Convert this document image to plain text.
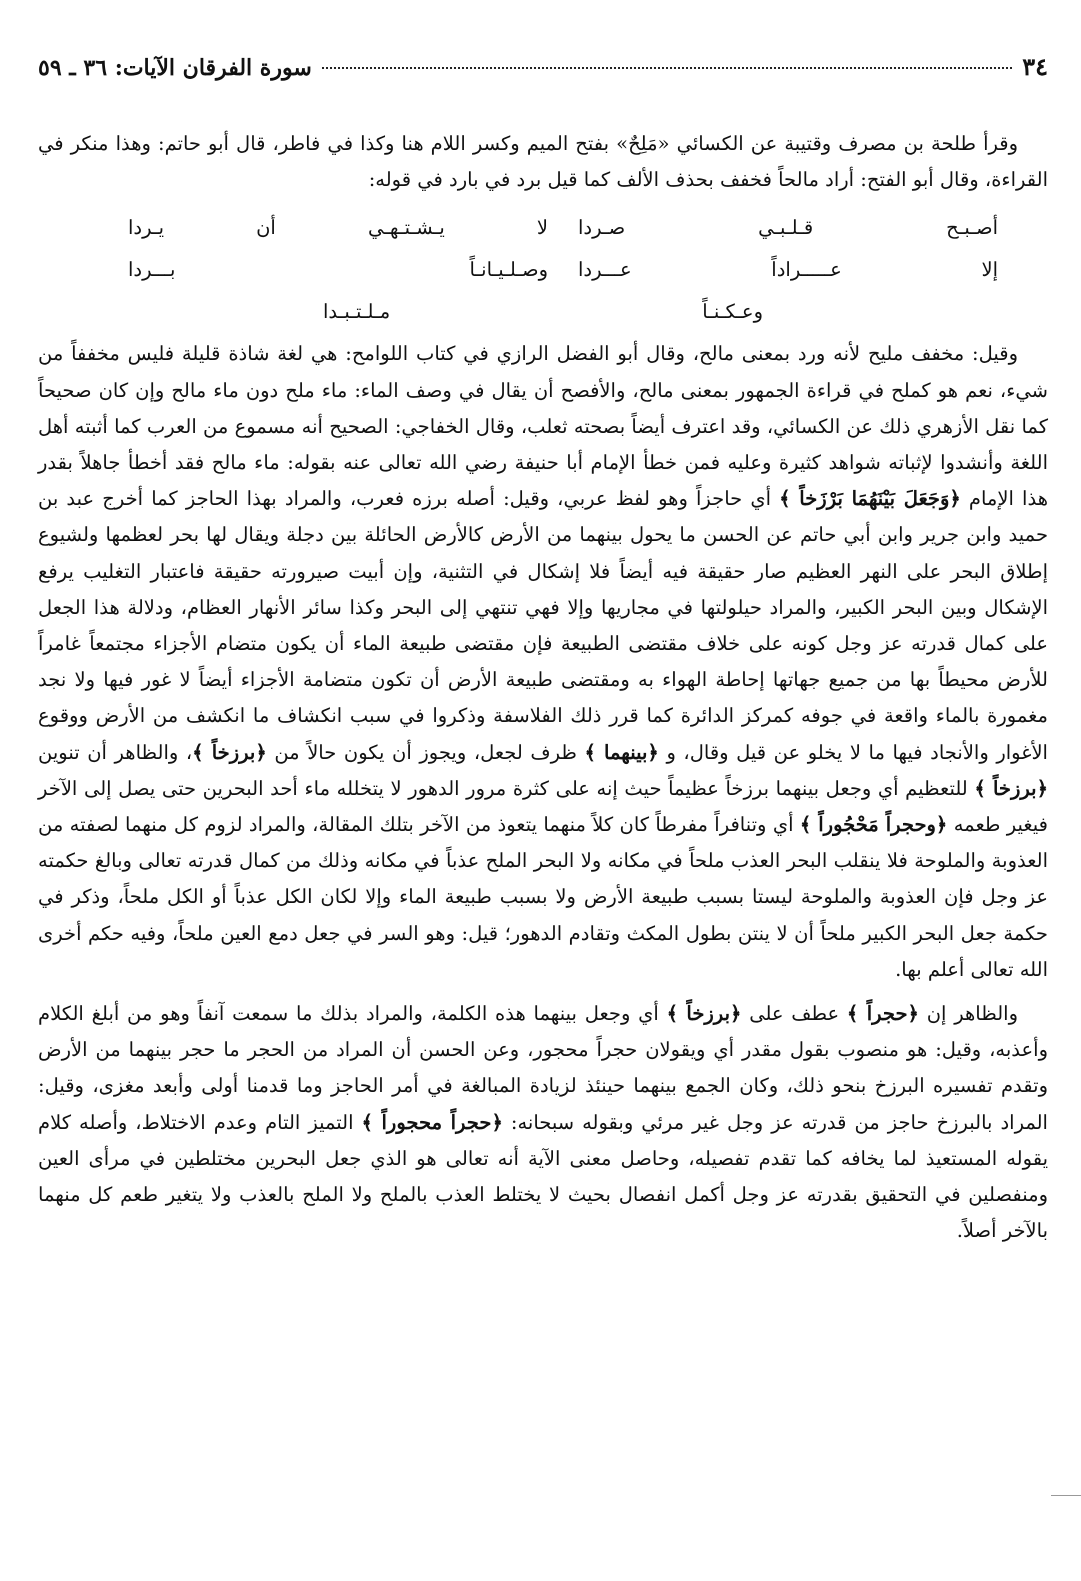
٣٤
سورة الفرقان الآيات: ٣٦ ـ ٥٩

وقرأ طلحة بن مصرف وقتيبة عن الكسائي «مَلِحٌ» بفتح الميم وكسر اللام هنا وكذا في فاطر، قال أبو حاتم: وهذا منكر في القراءة، وقال أبو الفتح: أراد مالحاً فخفف بحذف الألف كما قيل برد في بارد في قوله:

أصـبـح قـلـبـي صـردا
لا يـشـتـهـي أن يـردا
إلا عـــــراداً عـــردا
وصـلـيـانـاً بـــردا
وعـكـنـاً مـلـتـبـدا

وقيل: مخفف مليح لأنه ورد بمعنى مالح، وقال أبو الفضل الرازي في كتاب اللوامح: هي لغة شاذة قليلة فليس مخففاً من شيء، نعم هو كملح في قراءة الجمهور بمعنى مالح، والأفصح أن يقال في وصف الماء: ماء ملح دون ماء مالح وإن كان صحيحاً كما نقل الأزهري ذلك عن الكسائي، وقد اعترف أيضاً بصحته ثعلب، وقال الخفاجي: الصحيح أنه مسموع من العرب كما أثبته أهل اللغة وأنشدوا لإثباته شواهد كثيرة وعليه فمن خطأ الإمام أبا حنيفة رضي الله تعالى عنه بقوله: ماء مالح فقد أخطأ جاهلاً بقدر هذا الإمام ﴿وَجَعَلَ بَيْنَهُمَا بَرْزَخاً ﴾ أي حاجزاً وهو لفظ عربي، وقيل: أصله برزه فعرب، والمراد بهذا الحاجز كما أخرج عبد بن حميد وابن جرير وابن أبي حاتم عن الحسن ما يحول بينهما من الأرض كالأرض الحائلة بين دجلة ويقال لها بحر لعظمها ولشيوع إطلاق البحر على النهر العظيم صار حقيقة فيه أيضاً فلا إشكال في التثنية، وإن أبيت صيرورته حقيقة فاعتبار التغليب يرفع الإشكال وبين البحر الكبير، والمراد حيلولتها في مجاريها وإلا فهي تنتهي إلى البحر وكذا سائر الأنهار العظام، ودلالة هذا الجعل على كمال قدرته عز وجل كونه على خلاف مقتضى الطبيعة فإن مقتضى طبيعة الماء أن يكون متضام الأجزاء مجتمعاً غامراً للأرض محيطاً بها من جميع جهاتها إحاطة الهواء به ومقتضى طبيعة الأرض أن تكون متضامة الأجزاء أيضاً لا غور فيها ولا نجد مغمورة بالماء واقعة في جوفه كمركز الدائرة كما قرر ذلك الفلاسفة وذكروا في سبب انكشاف ما انكشف من الأرض ووقوع الأغوار والأنجاد فيها ما لا يخلو عن قيل وقال، و ﴿بينهما ﴾ ظرف لجعل، ويجوز أن يكون حالاً من ﴿برزخاً ﴾، والظاهر أن تنوين ﴿برزخاً ﴾ للتعظيم أي وجعل بينهما برزخاً عظيماً حيث إنه على كثرة مرور الدهور لا يتخلله ماء أحد البحرين حتى يصل إلى الآخر فيغير طعمه ﴿وحجراً مَحْجُوراً ﴾ أي وتنافراً مفرطاً كان كلاً منهما يتعوذ من الآخر بتلك المقالة، والمراد لزوم كل منهما لصفته من العذوبة والملوحة فلا ينقلب البحر العذب ملحاً في مكانه ولا البحر الملح عذباً في مكانه وذلك من كمال قدرته تعالى وبالغ حكمته عز وجل فإن العذوبة والملوحة ليستا بسبب طبيعة الأرض ولا بسبب طبيعة الماء وإلا لكان الكل عذباً أو الكل ملحاً، وذكر في حكمة جعل البحر الكبير ملحاً أن لا ينتن بطول المكث وتقادم الدهور؛ قيل: وهو السر في جعل دمع العين ملحاً، وفيه حكم أخرى الله تعالى أعلم بها.

والظاهر إن ﴿حجراً ﴾ عطف على ﴿برزخاً ﴾ أي وجعل بينهما هذه الكلمة، والمراد بذلك ما سمعت آنفاً وهو من أبلغ الكلام وأعذبه، وقيل: هو منصوب بقول مقدر أي ويقولان حجراً محجور، وعن الحسن أن المراد من الحجر ما حجر بينهما من الأرض وتقدم تفسيره البرزخ بنحو ذلك، وكان الجمع بينهما حينئذ لزيادة المبالغة في أمر الحاجز وما قدمنا أولى وأبعد مغزى، وقيل: المراد بالبرزخ حاجز من قدرته عز وجل غير مرئي وبقوله سبحانه: ﴿حجراً محجوراً ﴾ التميز التام وعدم الاختلاط، وأصله كلام يقوله المستعيذ لما يخافه كما تقدم تفصيله، وحاصل معنى الآية أنه تعالى هو الذي جعل البحرين مختلطين في مرأى العين ومنفصلين في التحقيق بقدرته عز وجل أكمل انفصال بحيث لا يختلط العذب بالملح ولا الملح بالعذب ولا يتغير طعم كل منهما بالآخر أصلاً.
